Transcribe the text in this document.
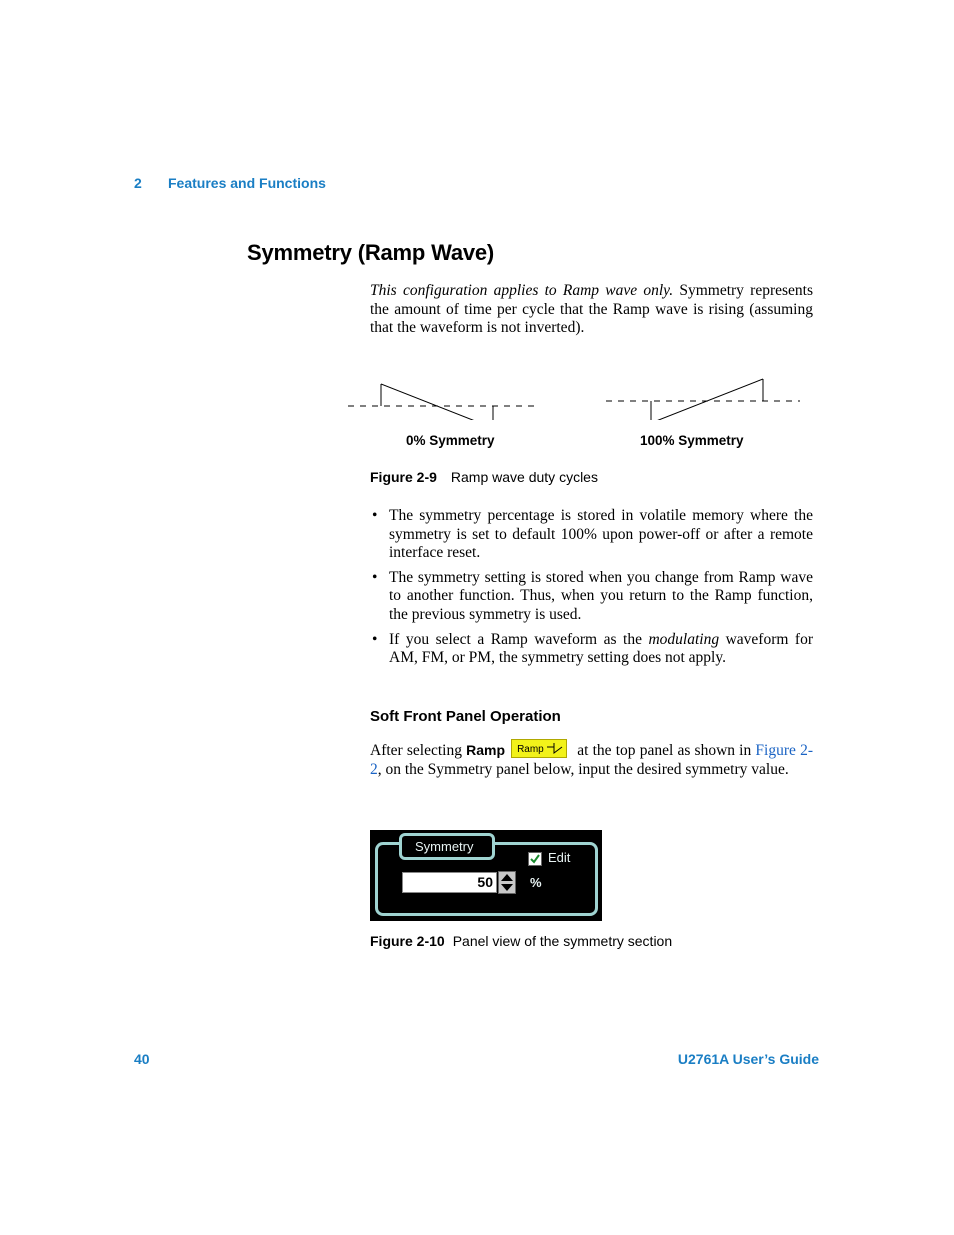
2 Features and Functions
Symmetry (Ramp Wave)
This configuration applies to Ramp wave only. Symmetry represents the amount of time per cycle that the Ramp wave is rising (assuming that the waveform is not inverted).
0% Symmetry	100% Symmetry
Figure 2-9 Ramp wave duty cycles
• The symmetry percentage is stored in volatile memory where the symmetry is set to default 100% upon power-off or after a remote interface reset.
• The symmetry setting is stored when you change from Ramp wave to another function. Thus, when you return to the Ramp function, the previous symmetry is used.
• If you select a Ramp waveform as the modulating waveform for AM, FM, or PM, the symmetry setting does not apply.
Soft Front Panel Operation
After selecting Ramp Ramp at the top panel as shown in Figure 2-2, on the Symmetry panel below, input the desired symmetry value.
Symmetry
Edit
50	%
Figure 2-10 Panel view of the symmetry section
40	U2761A User’s Guide
